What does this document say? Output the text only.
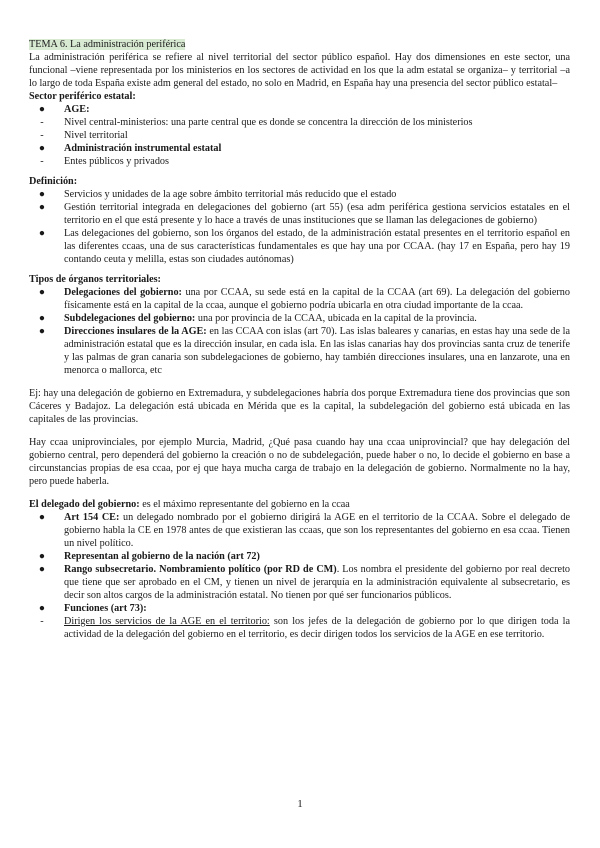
TEMA 6. La administración periférica

La administración periférica se refiere al nivel territorial del sector público español. Hay dos dimensiones en este sector, una funcional –viene representada por los ministerios en los sectores de actividad en los que la adm estatal se organiza– y territorial –a lo largo de toda España existe adm general del estado, no solo en Madrid, en España hay una presencia del sector público estatal–

Sector periférico estatal:

● AGE:
-	Nivel central-ministerios: una parte central que es donde se concentra la dirección de los ministerios
-	Nivel territorial
● Administración instrumental estatal
-	Entes públicos y privados

Definición:

● Servicios y unidades de la age sobre ámbito territorial más reducido que el estado
● Gestión territorial integrada en delegaciones del gobierno (art 55) (esa adm periférica gestiona servicios estatales en el territorio en el que está presente y lo hace a través de unas instituciones que se llaman las delegaciones de gobierno)
● Las delegaciones del gobierno, son los órganos del estado, de la administración estatal presentes en el territorio español en las diferentes ccaas, una de sus características fundamentales es que hay una por CCAA. (hay 17 en España, pero hay 19 contando ceuta y melilla, estas son ciudades autónomas)

Tipos de órganos territoriales:

● Delegaciones del gobierno: una por CCAA, su sede está en la capital de la CCAA (art 69). La delegación del gobierno físicamente está en la capital de la ccaa, aunque el gobierno podría ubicarla en otra ciudad importante de la ccaa.
● Subdelegaciones del gobierno: una por provincia de la CCAA, ubicada en la capital de la provincia.
● Direcciones insulares de la AGE: en las CCAA con islas (art 70). Las islas baleares y canarias, en estas hay una sede de la administración estatal que es la dirección insular, en cada isla. En las islas canarias hay dos provincias santa cruz de tenerife y las palmas de gran canaria son subdelegaciones de gobierno, hay también direcciones insulares, una en lanzarote, una en menorca o mallorca, etc

Ej: hay una delegación de gobierno en Extremadura, y subdelegaciones habría dos porque Extremadura tiene dos provincias que son Cáceres y Badajoz. La delegación está ubicada en Mérida que es la capital, la subdelegación del gobierno está ubicada en las capitales de las provincias.

Hay ccaa uniprovinciales, por ejemplo Murcia, Madrid, ¿Qué pasa cuando hay una ccaa uniprovincial? que hay delegación del gobierno central, pero dependerá del gobierno la creación o no de subdelegación, puede haber o no, lo decide el gobierno en base a circunstancias propias de esa ccaa, por ej que haya mucha carga de trabajo en la delegación de gobierno. Normalmente no la hay, pero puede haberla.

El delegado del gobierno: es el máximo representante del gobierno en la ccaa

● Art 154 CE: un delegado nombrado por el gobierno dirigirá la AGE en el territorio de la CCAA. Sobre el delegado de gobierno habla la CE en 1978 antes de que existieran las ccaas, que son los representantes del gobierno en esa ccaa. Tienen un nivel político.
● Representan al gobierno de la nación (art 72)
● Rango subsecretario. Nombramiento político (por RD de CM). Los nombra el presidente del gobierno por real decreto que tiene que ser aprobado en el CM, y tienen un nivel de jerarquía en la administración equivalente al subsecretario, es decir son altos cargos de la administración estatal. No tienen por qué ser funcionarios públicos.
● Funciones (art 73):
-	Dirigen los servicios de la AGE en el territorio: son los jefes de la delegación de gobierno por lo que dirigen toda la actividad de la delegación del gobierno en el territorio, es decir dirigen todos los servicios de la AGE en ese territorio.
1
